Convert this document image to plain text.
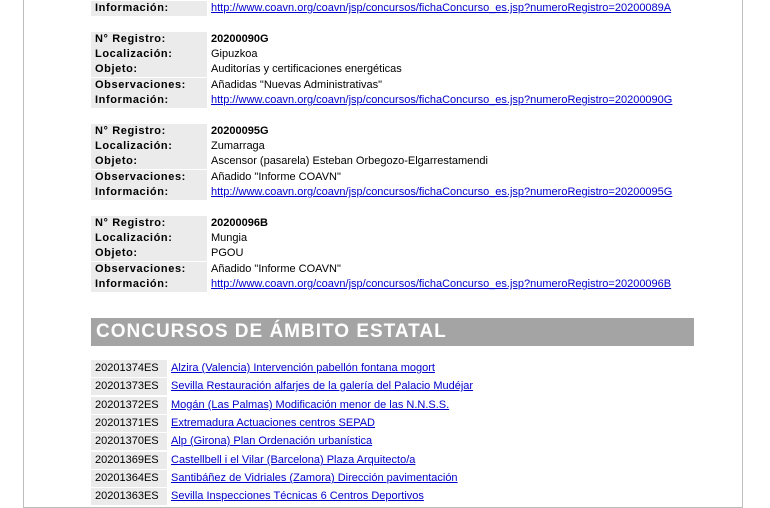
Información:	http://www.coavn.org/coavn/jsp/concursos/fichaConcurso_es.jsp?numeroRegistro=20200089A
N° Registro:	20200090G
Localización:	Gipuzkoa
Objeto:	Auditorías y certificaciones energéticas
Observaciones:	Añadidas "Nuevas Administrativas"
Información:	http://www.coavn.org/coavn/jsp/concursos/fichaConcurso_es.jsp?numeroRegistro=20200090G
N° Registro:	20200095G
Localización:	Zumarraga
Objeto:	Ascensor (pasarela) Esteban Orbegozo-Elgarrestamendi
Observaciones:	Añadido "Informe COAVN"
Información:	http://www.coavn.org/coavn/jsp/concursos/fichaConcurso_es.jsp?numeroRegistro=20200095G
N° Registro:	20200096B
Localización:	Mungia
Objeto:	PGOU
Observaciones:	Añadido "Informe COAVN"
Información:	http://www.coavn.org/coavn/jsp/concursos/fichaConcurso_es.jsp?numeroRegistro=20200096B
CONCURSOS DE ÁMBITO ESTATAL
20201374ES	Alzira (Valencia) Intervención pabellón fontana mogort
20201373ES	Sevilla Restauración alfarjes de la galería del Palacio Mudéjar
20201372ES	Mogán (Las Palmas) Modificación menor de las N.N.S.S.
20201371ES	Extremadura Actuaciones centros SEPAD
20201370ES	Alp (Girona) Plan Ordenación urbanística
20201369ES	Castellbell i el Vilar (Barcelona) Plaza Arquitecto/a
20201364ES	Santibáñez de Vidriales (Zamora) Dirección pavimentación
20201363ES	Sevilla Inspecciones Técnicas 6 Centros Deportivos
